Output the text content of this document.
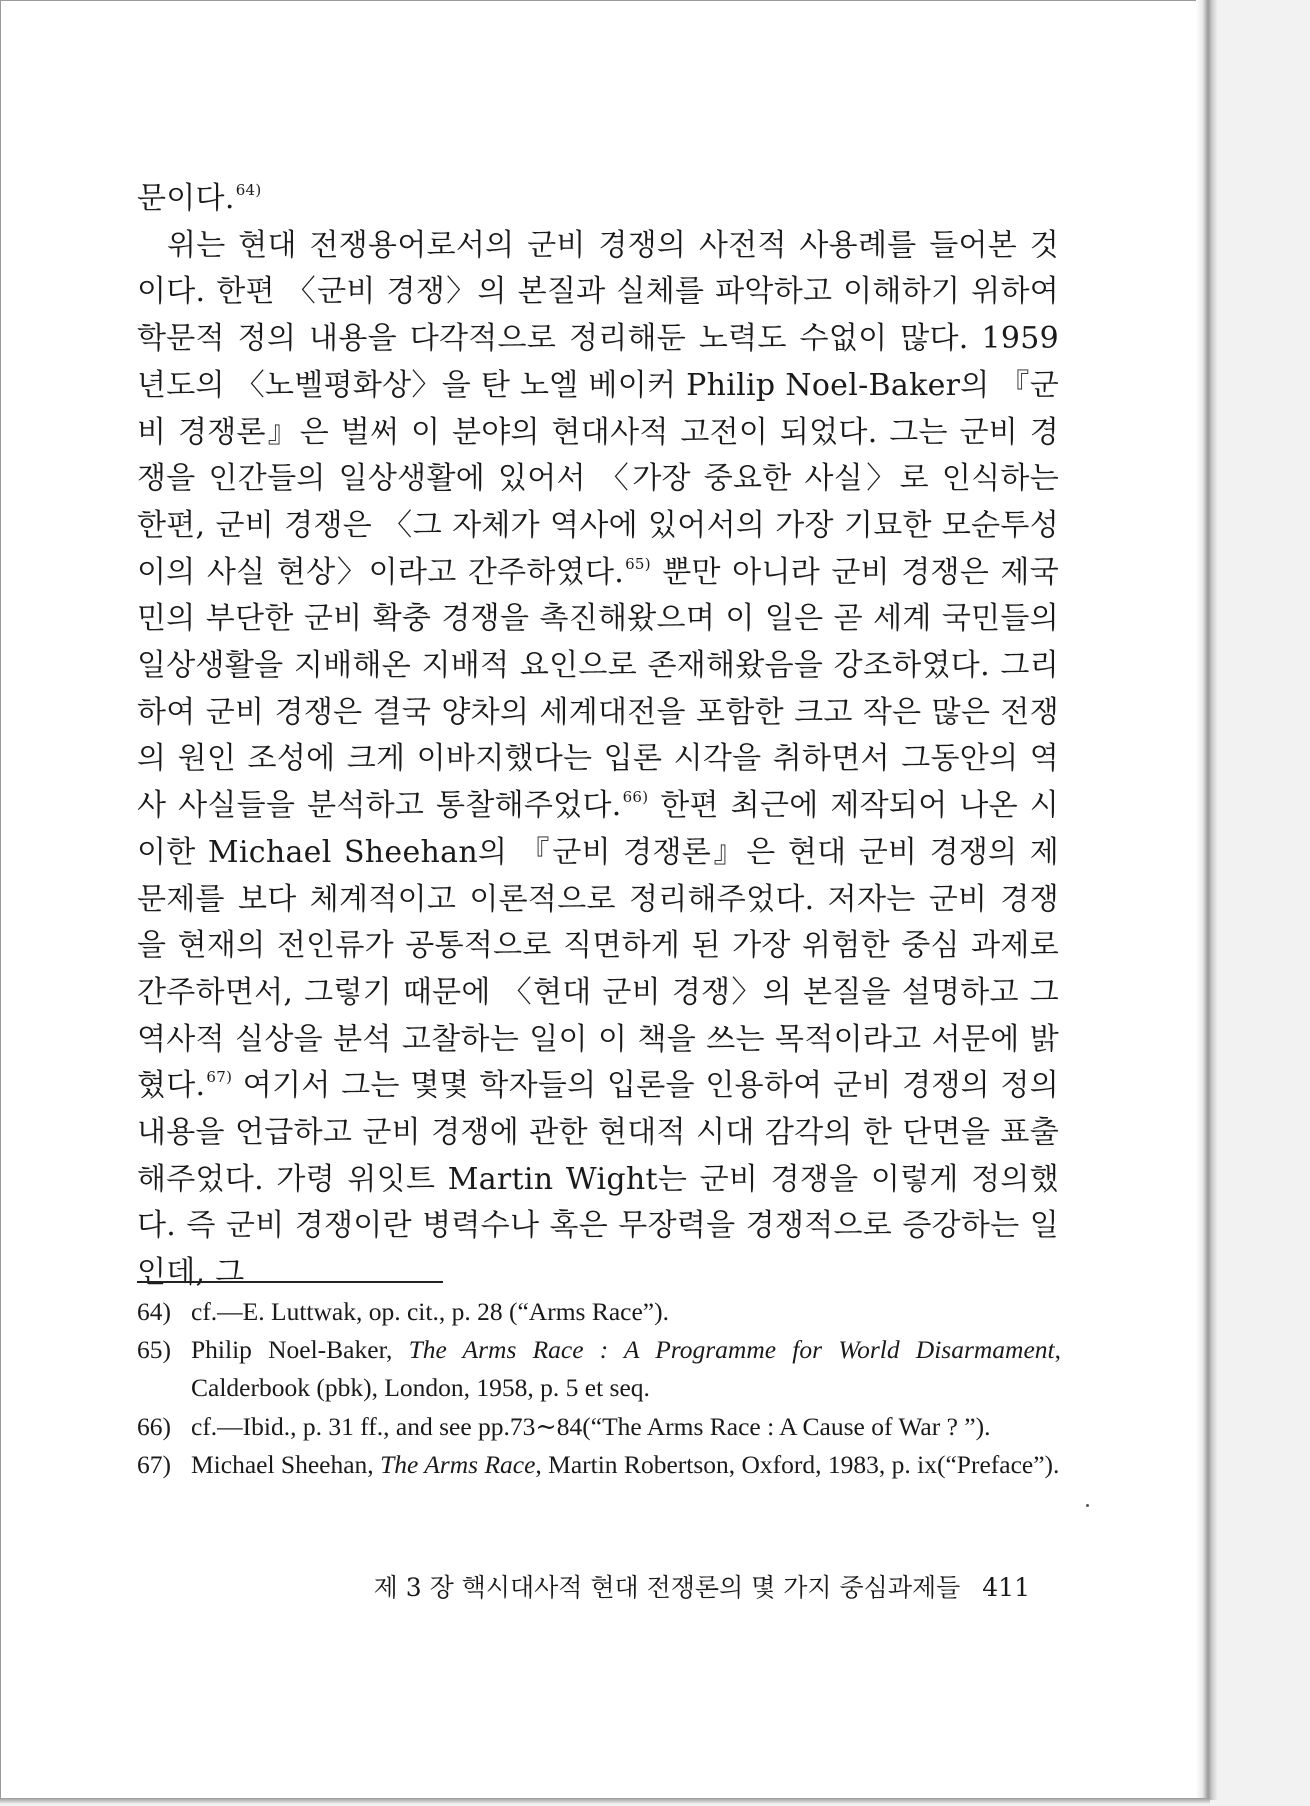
문이다.$^{64)}$

위는 현대 전쟁용어로서의 군비 경쟁의 사전적 사용례를 들어본 것이다. 한편 〈군비 경쟁〉의 본질과 실체를 파악하고 이해하기 위하여 학문적 정의 내용을 다각적으로 정리해둔 노력도 수없이 많다. 1959년도의 〈노벨평화상〉을 탄 노엘 베이커 Philip Noel-Baker의 『군비 경쟁론』은 벌써 이 분야의 현대사적 고전이 되었다. 그는 군비 경쟁을 인간들의 일상생활에 있어서 〈가장 중요한 사실〉로 인식하는 한편, 군비 경쟁은 〈그 자체가 역사에 있어서의 가장 기묘한 모순투성이의 사실 현상〉이라고 간주하였다.$^{65)}$ 뿐만 아니라 군비 경쟁은 제국민의 부단한 군비 확충 경쟁을 촉진해왔으며 이 일은 곧 세계 국민들의 일상생활을 지배해온 지배적 요인으로 존재해왔음을 강조하였다. 그리하여 군비 경쟁은 결국 양차의 세계대전을 포함한 크고 작은 많은 전쟁의 원인 조성에 크게 이바지했다는 입론 시각을 취하면서 그동안의 역사 사실들을 분석하고 통찰해주었다.$^{66)}$ 한편 최근에 제작되어 나온 시이한 Michael Sheehan의 『군비 경쟁론』은 현대 군비 경쟁의 제문제를 보다 체계적이고 이론적으로 정리해주었다. 저자는 군비 경쟁을 현재의 전인류가 공통적으로 직면하게 된 가장 위험한 중심 과제로 간주하면서, 그렇기 때문에 〈현대 군비 경쟁〉의 본질을 설명하고 그 역사적 실상을 분석 고찰하는 일이 이 책을 쓰는 목적이라고 서문에 밝혔다.$^{67)}$ 여기서 그는 몇몇 학자들의 입론을 인용하여 군비 경쟁의 정의 내용을 언급하고 군비 경쟁에 관한 현대적 시대 감각의 한 단면을 표출해주었다. 가령 위잇트 Martin Wight는 군비 경쟁을 이렇게 정의했다. 즉 군비 경쟁이란 병력수나 혹은 무장력을 경쟁적으로 증강하는 일인데, 그

64) cf.—E. Luttwak, op. cit., p. 28 (“Arms Race”).

65) Philip Noel-Baker, The Arms Race : A Programme for World Disarmament, Calderbook (pbk), London, 1958, p. 5 et seq.

66) cf.—Ibid., p. 31 ff., and see pp.73∼84(“The Arms Race : A Cause of War ? ”).

67) Michael Sheehan, The Arms Race, Martin Robertson, Oxford, 1983, p. ix(“Preface”).

제 3 장 핵시대사적 현대 전쟁론의 몇 가지 중심과제들 411
